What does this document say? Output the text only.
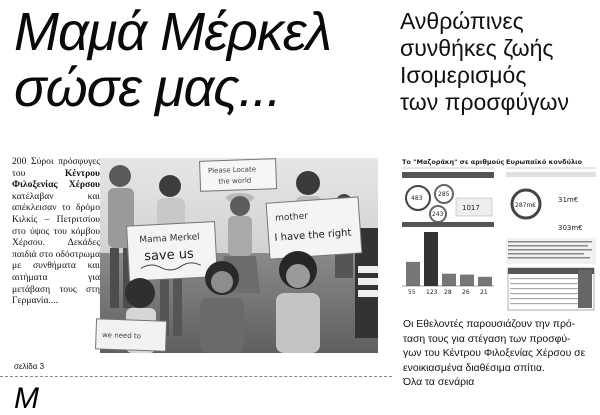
Μαμά Μέρκελ
σώσε μας...
200 Σύροι πρόσφυγες του Κέντρου Φιλοξενίας Χέρσου κατέλαβαν και απέκλεισαν το δρόμο Κιλκίς – Πετριτσίου στο ύψος του κόμβου Χέρσου. Δεκάδες παιδιά στο οδόστρωμα με συνθήματα και αιτήματα για μετάβαση τους στη Γερμανία....
σελίδα 3
Μ
Mama Merkel
save us
Please Locate
the world
mother
I have the right
we need to
Ανθρώπινες
συνθήκες ζωής
Ισομερισμός
των προσφύγων
Το "Μαζοράκη" σε αριθμούς
483
285
243
1017
55 123 28 26 21
Ευρωπαϊκό κονδύλιο
287m€
31m€
303m€
Οι Εθελοντές παρουσιάζουν την πρό-
ταση τους για στέγαση των προσφύ-
γων του Κέντρου Φιλοξενίας Χέρσου σε
ενοικιασμένα διαθέσιμα σπίτια.
Όλα τα σενάρια
